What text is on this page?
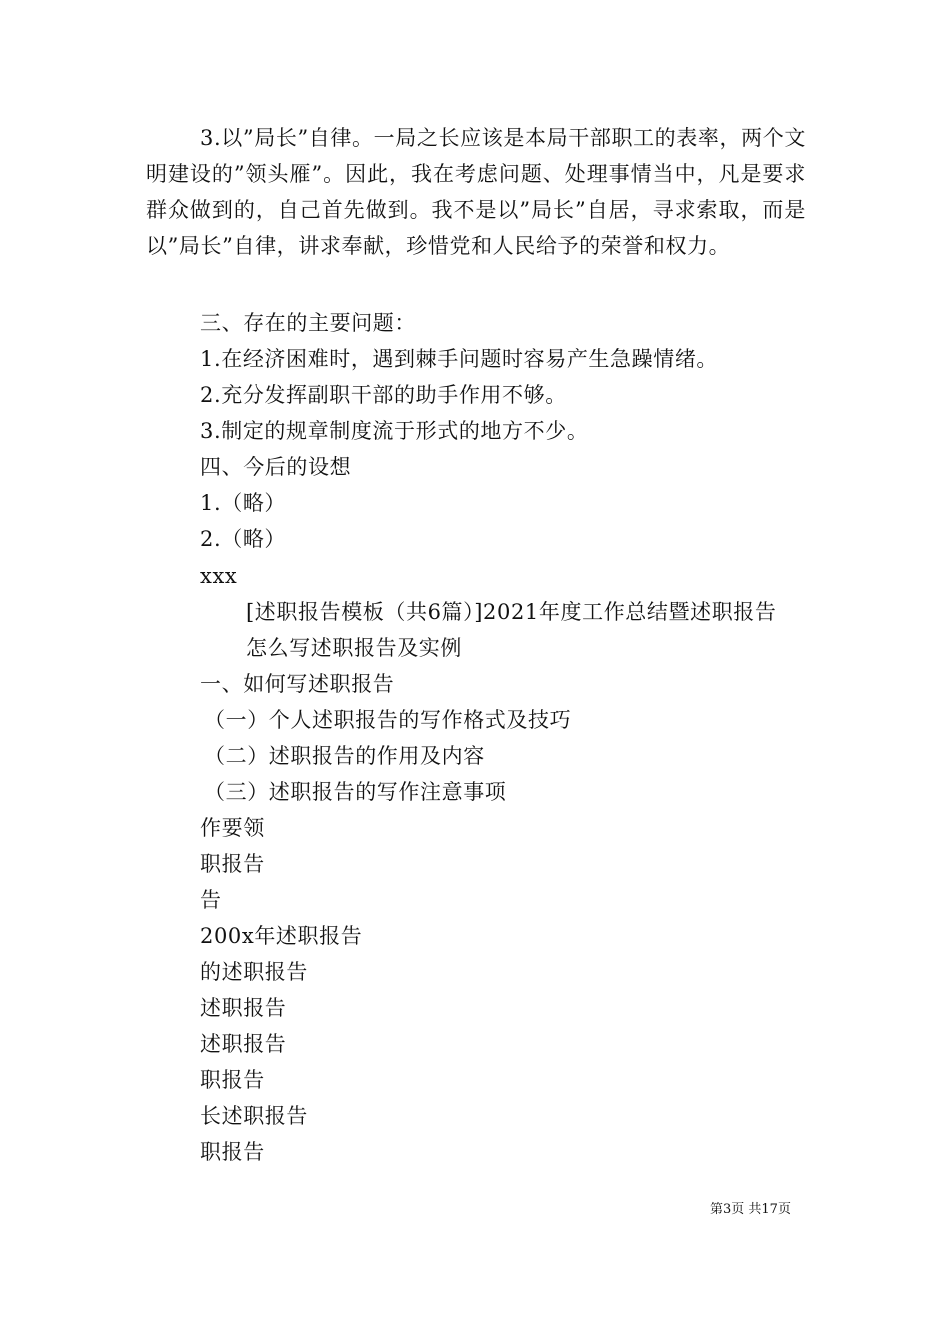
3.以”局长”自律。一局之长应该是本局干部职工的表率，两个文明建设的”领头雁”。因此，我在考虑问题、处理事情当中，凡是要求群众做到的，自己首先做到。我不是以”局长”自居，寻求索取，而是以”局长”自律，讲求奉献，珍惜党和人民给予的荣誉和权力。

三、存在的主要问题：

1.在经济困难时，遇到棘手问题时容易产生急躁情绪。

2.充分发挥副职干部的助手作用不够。

3.制定的规章制度流于形式的地方不少。

四、今后的设想

1.（略）

2.（略）

xxx

[述职报告模板（共6篇）]2021年度工作总结暨述职报告

怎么写述职报告及实例

一、如何写述职报告

（一）个人述职报告的写作格式及技巧

（二）述职报告的作用及内容

（三）述职报告的写作注意事项

作要领

职报告

告

200x年述职报告

的述职报告

述职报告

述职报告

职报告

长述职报告

职报告

第3页 共17页
